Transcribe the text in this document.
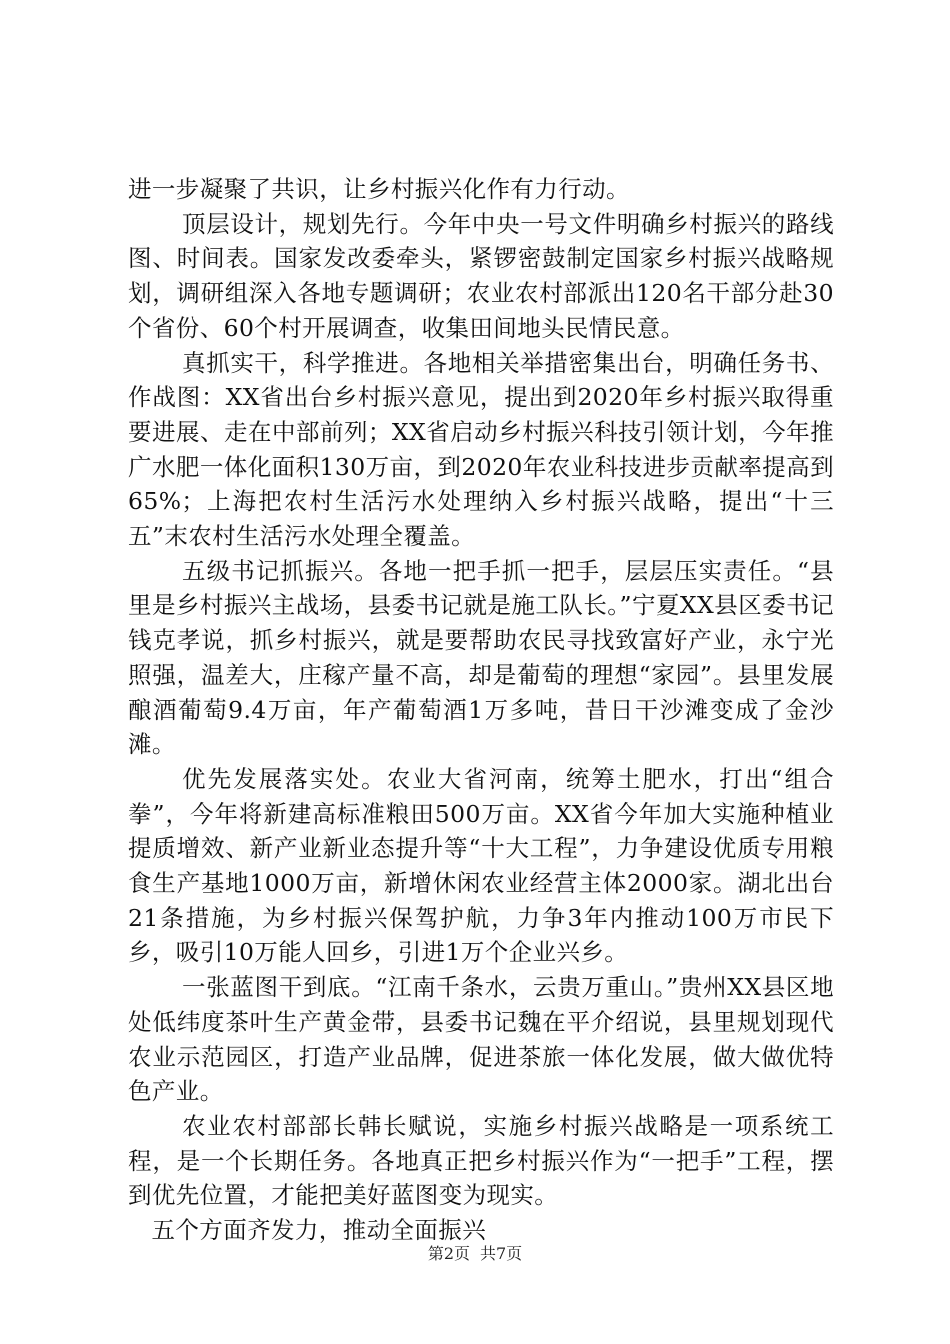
进一步凝聚了共识，让乡村振兴化作有力行动。

顶层设计，规划先行。今年中央一号文件明确乡村振兴的路线图、时间表。国家发改委牵头，紧锣密鼓制定国家乡村振兴战略规划，调研组深入各地专题调研；农业农村部派出120名干部分赴30个省份、60个村开展调查，收集田间地头民情民意。

真抓实干，科学推进。各地相关举措密集出台，明确任务书、作战图：XX省出台乡村振兴意见，提出到2020年乡村振兴取得重要进展、走在中部前列；XX省启动乡村振兴科技引领计划，今年推广水肥一体化面积130万亩，到2020年农业科技进步贡献率提高到65%；上海把农村生活污水处理纳入乡村振兴战略，提出“十三五”末农村生活污水处理全覆盖。

五级书记抓振兴。各地一把手抓一把手，层层压实责任。“县里是乡村振兴主战场，县委书记就是施工队长。”宁夏XX县区委书记钱克孝说，抓乡村振兴，就是要帮助农民寻找致富好产业，永宁光照强，温差大，庄稼产量不高，却是葡萄的理想“家园”。县里发展酿酒葡萄9.4万亩，年产葡萄酒1万多吨，昔日干沙滩变成了金沙滩。

优先发展落实处。农业大省河南，统筹土肥水，打出“组合拳”，今年将新建高标准粮田500万亩。XX省今年加大实施种植业提质增效、新产业新业态提升等“十大工程”，力争建设优质专用粮食生产基地1000万亩，新增休闲农业经营主体2000家。湖北出台21条措施，为乡村振兴保驾护航，力争3年内推动100万市民下乡，吸引10万能人回乡，引进1万个企业兴乡。

一张蓝图干到底。“江南千条水，云贵万重山。”贵州XX县区地处低纬度茶叶生产黄金带，县委书记魏在平介绍说，县里规划现代农业示范园区，打造产业品牌，促进茶旅一体化发展，做大做优特色产业。

农业农村部部长韩长赋说，实施乡村振兴战略是一项系统工程，是一个长期任务。各地真正把乡村振兴作为“一把手”工程，摆到优先位置，才能把美好蓝图变为现实。

五个方面齐发力，推动全面振兴

第2页 共7页
